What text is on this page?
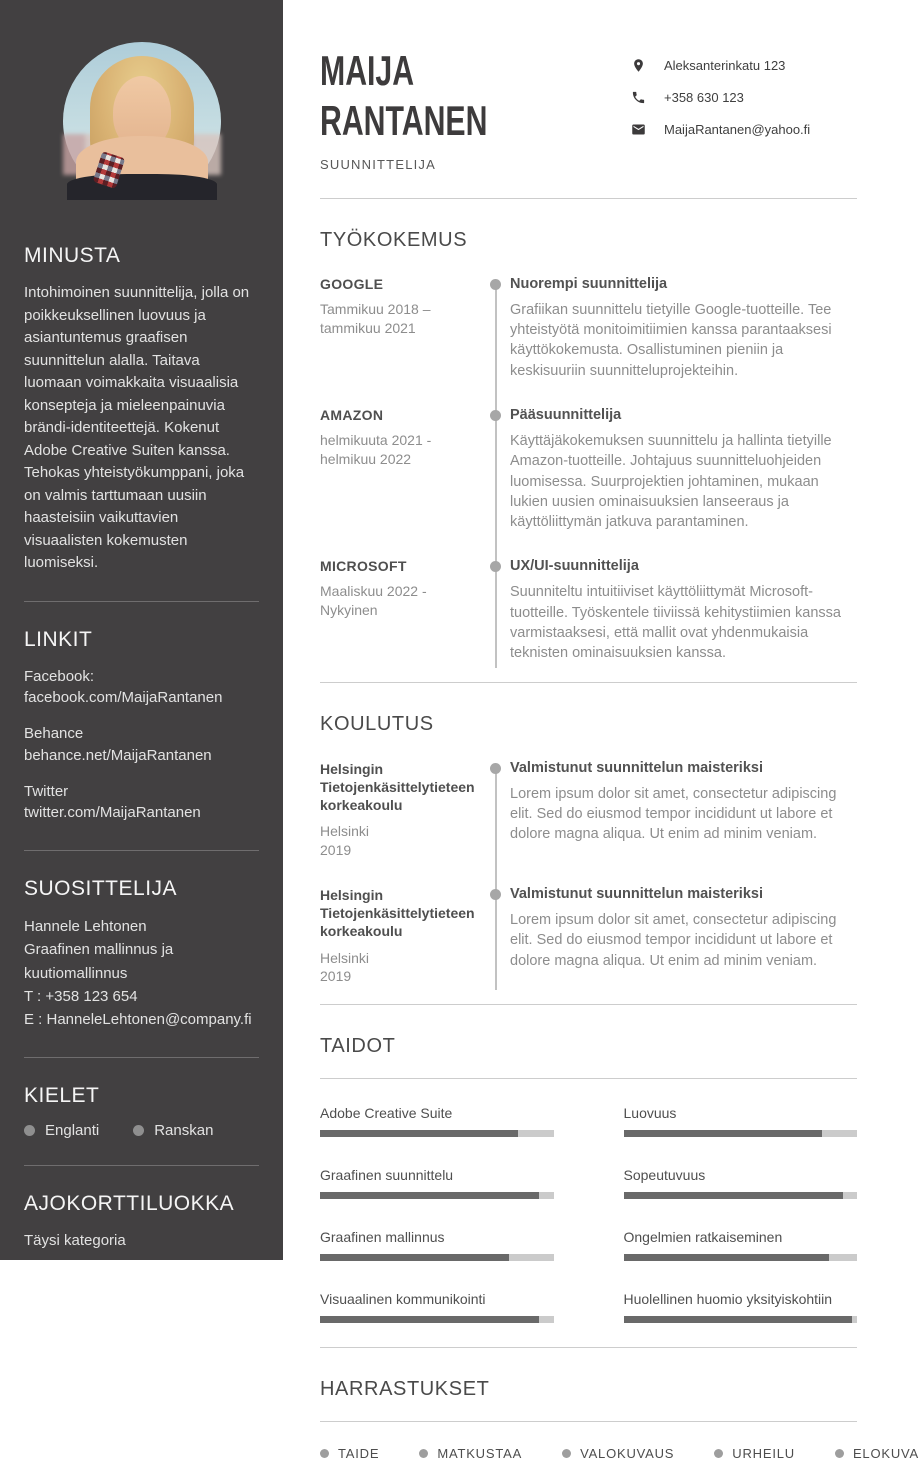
MINUSTA

Intohimoinen suunnittelija, jolla on poikkeuksellinen luovuus ja asiantuntemus graafisen suunnittelun alalla. Taitava luomaan voimakkaita visuaalisia konsepteja ja mieleenpainuvia brändi-identiteettejä. Kokenut Adobe Creative Suiten kanssa. Tehokas yhteistyökumppani, joka on valmis tarttumaan uusiin haasteisiin vaikuttavien visuaalisten kokemusten luomiseksi.

LINKIT
Facebook:
facebook.com/MaijaRantanen
Behance
behance.net/MaijaRantanen
Twitter
twitter.com/MaijaRantanen
SUOSITTELIJA
Hannele Lehtonen
Graafinen mallinnus ja kuutiomallinnus
T : +358 123 654
E : HanneleLehtonen@company.fi
KIELET
Englanti	Ranskan
AJOKORTTILUOKKA
Täysi kategoria
MAIJA
RANTANEN
SUUNNITTELIJA
Aleksanterinkatu 123
+358 630 123
MaijaRantanen@yahoo.fi
TYÖKOKEMUS
GOOGLE
Tammikuu 2018 – tammikuu 2021
Nuorempi suunnittelija
Grafiikan suunnittelu tietyille Google-tuotteille. Tee yhteistyötä monitoimitiimien kanssa parantaaksesi käyttökokemusta. Osallistuminen pieniin ja keskisuuriin suunnitteluprojekteihin.
AMAZON
helmikuuta 2021 - helmikuu 2022
Pääsuunnittelija
Käyttäjäkokemuksen suunnittelu ja hallinta tietyille Amazon-tuotteille. Johtajuus suunnitteluohjeiden luomisessa. Suurprojektien johtaminen, mukaan lukien uusien ominaisuuksien lanseeraus ja käyttöliittymän jatkuva parantaminen.
MICROSOFT
Maaliskuu 2022 - Nykyinen
UX/UI-suunnittelija
Suunniteltu intuitiiviset käyttöliittymät Microsoft-tuotteille. Työskentele tiiviissä kehitystiimien kanssa varmistaaksesi, että mallit ovat yhdenmukaisia teknisten ominaisuuksien kanssa.
KOULUTUS
Helsingin Tietojenkäsittelytieteen korkeakoulu
Helsinki
2019
Valmistunut suunnittelun maisteriksi
Lorem ipsum dolor sit amet, consectetur adipiscing elit. Sed do eiusmod tempor incididunt ut labore et dolore magna aliqua. Ut enim ad minim veniam.
Helsingin Tietojenkäsittelytieteen korkeakoulu
Helsinki
2019
Valmistunut suunnittelun maisteriksi
Lorem ipsum dolor sit amet, consectetur adipiscing elit. Sed do eiusmod tempor incididunt ut labore et dolore magna aliqua. Ut enim ad minim veniam.
TAIDOT
Adobe Creative Suite	Luovuus
Graafinen suunnittelu	Sopeutuvuus
Graafinen mallinnus	Ongelmien ratkaiseminen
Visuaalinen kommunikointi	Huolellinen huomio yksityiskohtiin
HARRASTUKSET
TAIDE	MATKUSTAA	VALOKUVAUS	URHEILU	ELOKUVA
